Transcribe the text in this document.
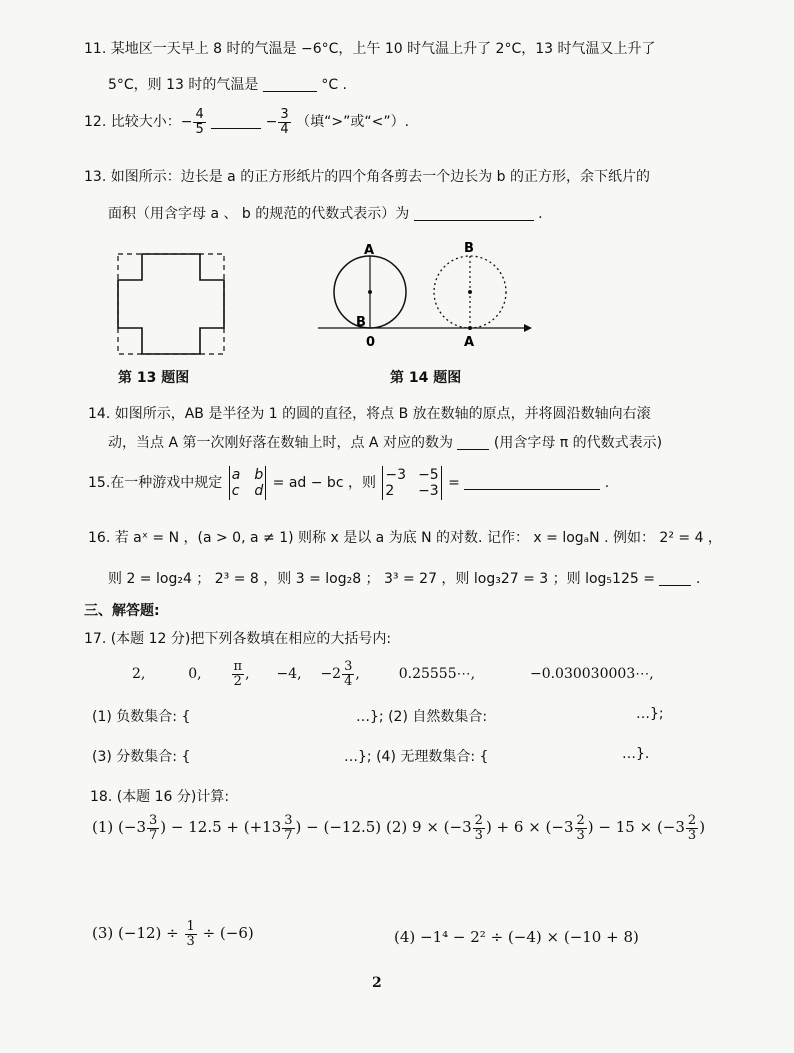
11. 某地区一天早上 8 时的气温是 −6°C，上午 10 时气温上升了 2°C，13 时气温又上升了
5°C，则 13 时的气温是	°C .
12. 比较大小：− $\frac{4}{5}$	− $\frac{3}{4}$ （填“>”或“<”）.
13. 如图所示：边长是 a 的正方形纸片的四个角各剪去一个边长为 b 的正方形，余下纸片的
面积（用含字母 a 、 b 的规范的代数式表示）为	.
第 13 题图
A
B
0
B
A
第 14 题图
14. 如图所示，AB 是半径为 1 的圆的直径，将点 B 放在数轴的原点，并将圆沿数轴向右滚
动，当点 A 第一次刚好落在数轴上时，点 A 对应的数为	(用含字母 π 的代数式表示)
15.在一种游戏中规定
a b
c d = ad − bc ，则
−3 −5
2	−3 =	.
16. 若 aˣ = N ，(a > 0, a ≠ 1) 则称 x 是以 a 为底 N 的对数. 记作： x = logₐN . 例如： 2² = 4 ，
则 2 = log₂4 ； 2³ = 8 ，则 3 = log₂8 ； 3³ = 27 ，则 log₃27 = 3 ；则 log₅125 =	.
三、解答题:
17. (本题 12 分)把下列各数填在相应的大括号内:
2,	0, $\frac{\pi}{2}$ ,  −4, $-2 \frac{3}{4}$ ,  0.25555⋯,	−0.030030003⋯,
(1) 负数集合: {	…}; (2) 自然数集合:	…};
(3) 分数集合: {	…}; (4) 无理数集合: {	…}.
18. (本题 16 分)计算:
(1) ($-3 \frac{3}{7}$ ) − $12.5 + (+13 \frac{3}{7}$ ) − (−12.5) (2) $9 \times (-3 \frac{2}{3}$ ) + $6 \times (-3 \frac{2}{3}$ ) − $15 \times (-3 \frac{2}{3}$ )
(3) $(-12) \div \frac{1}{3} \div (-6)$	(4) −1⁴ − 2² ÷ (−4) × (−10 + 8)
2
